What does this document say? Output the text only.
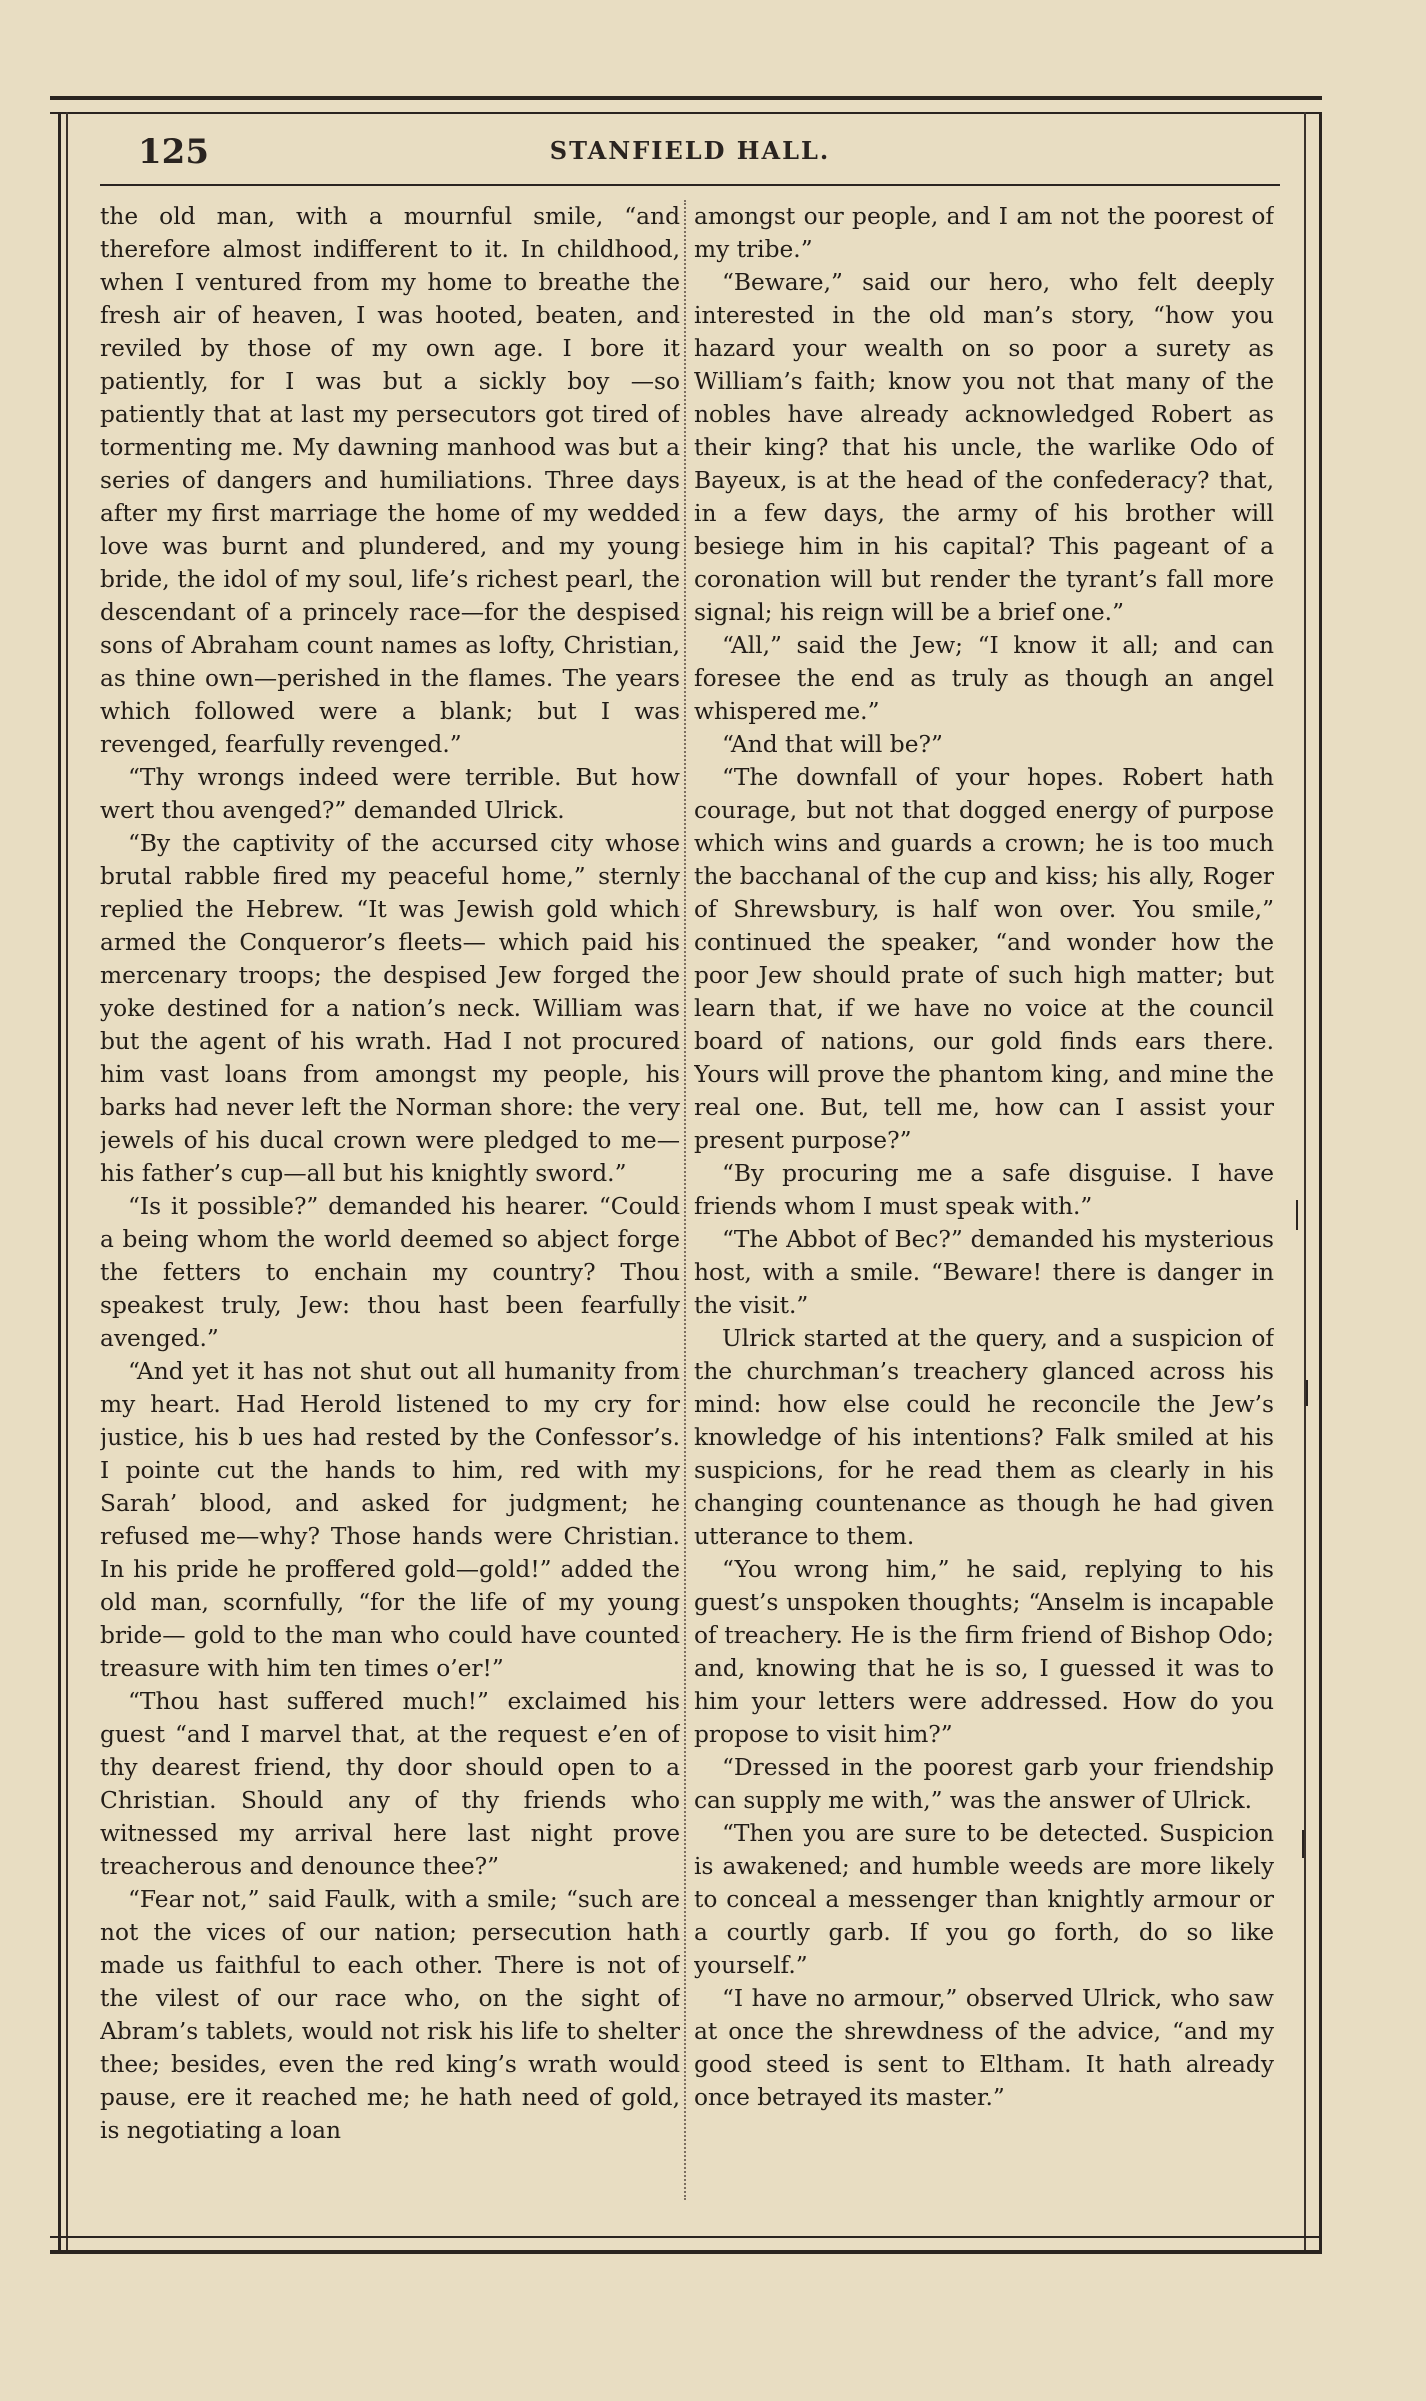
125	STANFIELD HALL.

the old man, with a mournful smile, “and therefore almost indifferent to it. In childhood, when I ventured from my home to breathe the fresh air of heaven, I was hooted, beaten, and reviled by those of my own age. I bore it patiently, for I was but a sickly boy —so patiently that at last my persecutors got tired of tormenting me. My dawning manhood was but a series of dangers and humiliations. Three days after my first marriage the home of my wedded love was burnt and plundered, and my young bride, the idol of my soul, life’s richest pearl, the descendant of a princely race—for the despised sons of Abraham count names as lofty, Christian, as thine own—perished in the flames. The years which followed were a blank; but I was revenged, fearfully revenged.”

“Thy wrongs indeed were terrible. But how wert thou avenged?” demanded Ulrick.

“By the captivity of the accursed city whose brutal rabble fired my peaceful home,” sternly replied the Hebrew. “It was Jewish gold which armed the Conqueror’s fleets— which paid his mercenary troops; the despised Jew forged the yoke destined for a nation’s neck. William was but the agent of his wrath. Had I not procured him vast loans from amongst my people, his barks had never left the Norman shore: the very jewels of his ducal crown were pledged to me—his father’s cup—all but his knightly sword.”

“Is it possible?” demanded his hearer. “Could a being whom the world deemed so abject forge the fetters to enchain my country? Thou speakest truly, Jew: thou hast been fearfully avenged.”

“And yet it has not shut out all humanity from my heart. Had Herold listened to my cry for justice, his b ues had rested by the Confessor’s. I pointe cut the hands to him, red with my Sarah’ blood, and asked for judgment; he refused me—why? Those hands were Christian. In his pride he proffered gold—gold!” added the old man, scornfully, “for the life of my young bride— gold to the man who could have counted treasure with him ten times o’er!”

“Thou hast suffered much!” exclaimed his guest “and I marvel that, at the request e’en of thy dearest friend, thy door should open to a Christian. Should any of thy friends who witnessed my arrival here last night prove treacherous and denounce thee?”

“Fear not,” said Faulk, with a smile; “such are not the vices of our nation; persecution hath made us faithful to each other. There is not of the vilest of our race who, on the sight of Abram’s tablets, would not risk his life to shelter thee; besides, even the red king’s wrath would pause, ere it reached me; he hath need of gold, is negotiating a loan

amongst our people, and I am not the poorest of my tribe.”

“Beware,” said our hero, who felt deeply interested in the old man’s story, “how you hazard your wealth on so poor a surety as William’s faith; know you not that many of the nobles have already acknowledged Robert as their king? that his uncle, the warlike Odo of Bayeux, is at the head of the confederacy? that, in a few days, the army of his brother will besiege him in his capital? This pageant of a coronation will but render the tyrant’s fall more signal; his reign will be a brief one.”

“All,” said the Jew; “I know it all; and can foresee the end as truly as though an angel whispered me.”

“And that will be?”

“The downfall of your hopes. Robert hath courage, but not that dogged energy of purpose which wins and guards a crown; he is too much the bacchanal of the cup and kiss; his ally, Roger of Shrewsbury, is half won over. You smile,” continued the speaker, “and wonder how the poor Jew should prate of such high matter; but learn that, if we have no voice at the council board of nations, our gold finds ears there. Yours will prove the phantom king, and mine the real one. But, tell me, how can I assist your present purpose?”

“By procuring me a safe disguise. I have friends whom I must speak with.”

“The Abbot of Bec?” demanded his mysterious host, with a smile. “Beware! there is danger in the visit.”

Ulrick started at the query, and a suspicion of the churchman’s treachery glanced across his mind: how else could he reconcile the Jew’s knowledge of his intentions? Falk smiled at his suspicions, for he read them as clearly in his changing countenance as though he had given utterance to them.

“You wrong him,” he said, replying to his guest’s unspoken thoughts; “Anselm is incapable of treachery. He is the firm friend of Bishop Odo; and, knowing that he is so, I guessed it was to him your letters were addressed. How do you propose to visit him?”

“Dressed in the poorest garb your friendship can supply me with,” was the answer of Ulrick.

“Then you are sure to be detected. Suspicion is awakened; and humble weeds are more likely to conceal a messenger than knightly armour or a courtly garb. If you go forth, do so like yourself.”

“I have no armour,” observed Ulrick, who saw at once the shrewdness of the advice, “and my good steed is sent to Eltham. It hath already once betrayed its master.”
